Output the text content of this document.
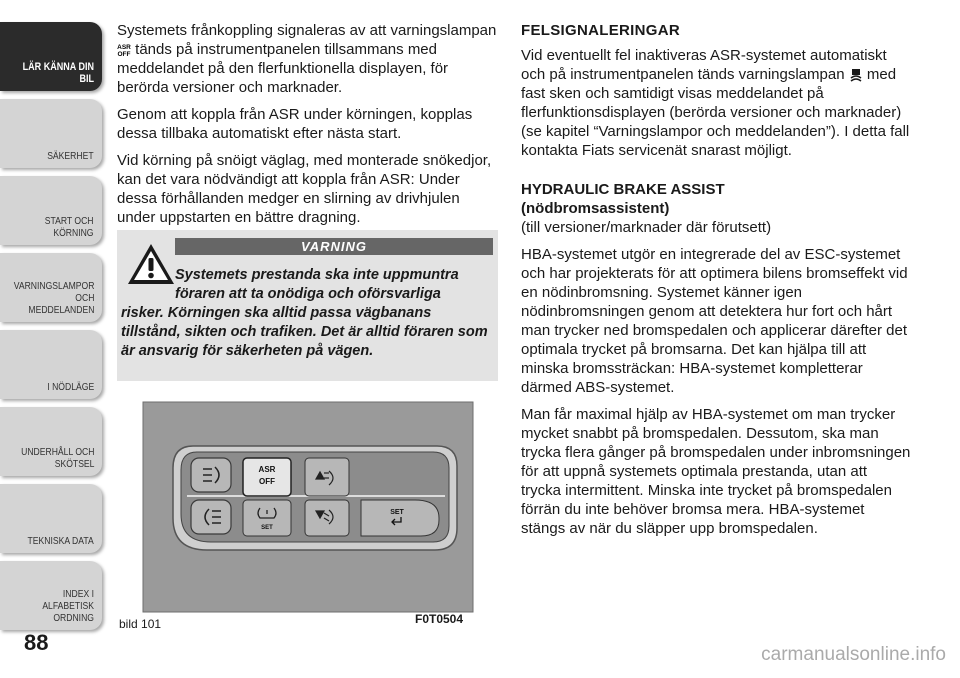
LÄR KÄNNA DIN
BIL
SÄKERHET
START OCH
KÖRNING
VARNINGSLAMPOR
OCH
MEDDELANDEN
I NÖDLÄGE
UNDERHÅLL OCH
SKÖTSEL
TEKNISKA DATA
INDEX I ALFABETISK
ORDNING
88

Systemets frånkoppling signaleras av att varningslampan
ASR
OFF tänds på instrumentpanelen tillsammans med meddelandet på den flerfunktionella displayen, för berörda versioner och marknader.

Genom att koppla från ASR under körningen, kopplas dessa tillbaka automatiskt efter nästa start.

Vid körning på snöigt väglag, med monterade snökedjor, kan det vara nödvändigt att koppla från ASR: Under dessa förhållanden medger en slirning av drivhjulen under uppstarten en bättre dragning.

VARNING
Systemets prestanda ska inte uppmuntra föraren att ta onödiga och oförsvarliga
risker. Körningen ska alltid passa vägbanans tillstånd, sikten och trafiken. Det är alltid föraren som är ansvarig för säkerheten på vägen.
ASR
OFF
SET
SET
bild 101	F0T0504
FELSIGNALERINGAR

Vid eventuellt fel inaktiveras ASR-systemet automatiskt och på instrumentpanelen tänds varningslampan med fast sken och samtidigt visas meddelandet på flerfunktionsdisplayen (berörda versioner och marknader) (se kapitel “Varningslampor och meddelanden”). I detta fall kontakta Fiats servicenät snarast möjligt.

HYDRAULIC BRAKE ASSIST
(nödbromsassistent)

(till versioner/marknader där förutsett)

HBA-systemet utgör en integrerade del av ESC-systemet och har projekterats för att optimera bilens bromseffekt vid en nödinbromsning. Systemet känner igen nödinbromsningen genom att detektera hur fort och hårt man trycker ned bromspedalen och applicerar därefter det optimala trycket på bromsarna. Det kan hjälpa till att minska bromssträckan: HBA-systemet kompletterar därmed ABS-systemet.

Man får maximal hjälp av HBA-systemet om man trycker mycket snabbt på bromspedalen. Dessutom, ska man trycka flera gånger på bromspedalen under inbromsningen för att uppnå systemets optimala prestanda, utan att trycka intermittent. Minska inte trycket på bromspedalen förrän du inte behöver bromsa mera. HBA-systemet stängs av när du släpper upp bromspedalen.

carmanualsonline.info
